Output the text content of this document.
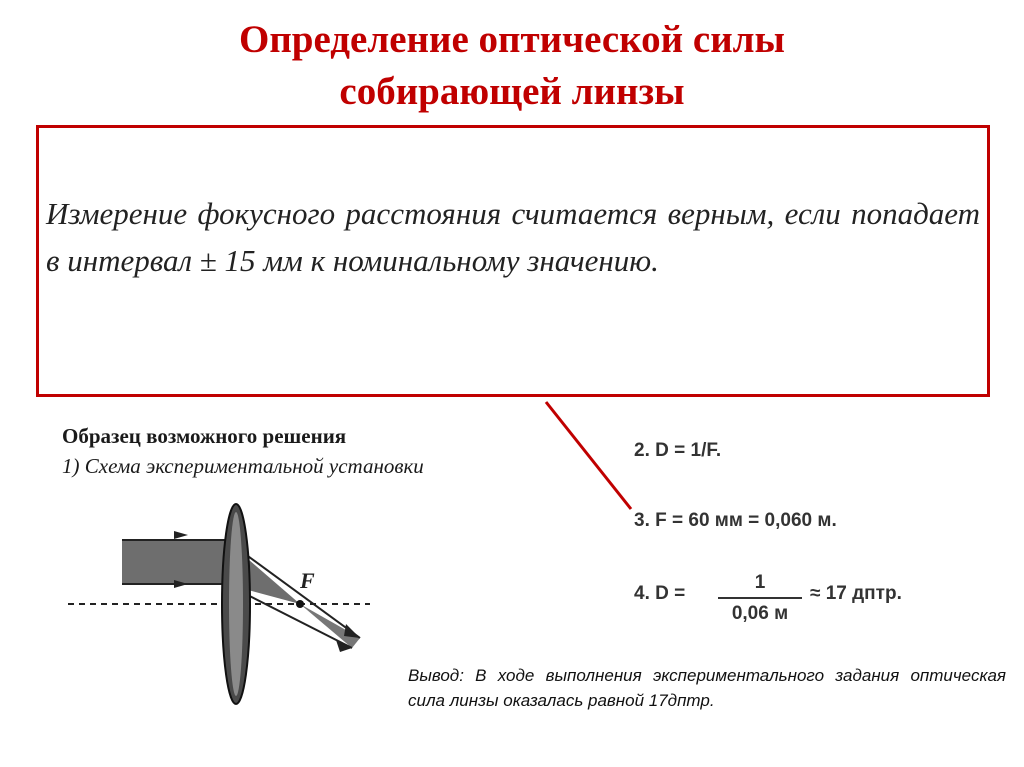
Определение оптической силы
собирающей линзы
Измерение фокусного расстояния считается верным, если попадает в интервал ± 15 мм к номинальному значению.
Образец возможного решения
1) Схема экспериментальной установки
F
2. D = 1/F.
3. F = 60 мм = 0,060 м.
4. D =
1
0,06 м
≈ 17 дптр.
Вывод: В ходе выполнения экспериментального задания оптическая сила линзы оказалась равной 17дптр.
